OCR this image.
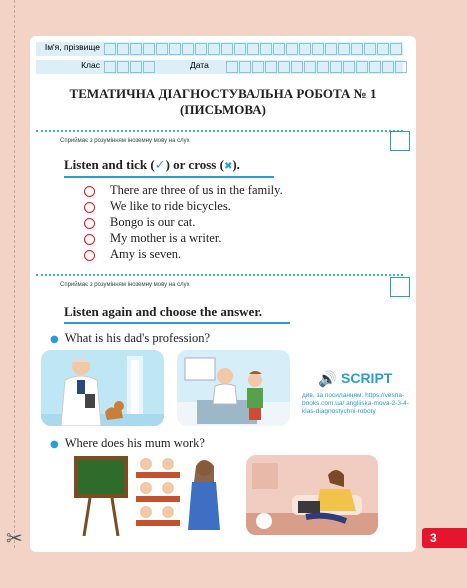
✂
Ім'я, прізвище
Клас	Дата
ТЕМАТИЧНА ДІАГНОСТУВАЛЬНА РОБОТА № 1
(ПИСЬМОВА)
Сприймає з розумінням іноземну мову на слух
Listen and tick (✓) or cross (✖).
There are three of us in the family.
We like to ride bicycles.
Bongo is our cat.
My mother is a writer.
Amy is seven.
Сприймає з розумінням іноземну мову на слух
Listen again and choose the answer.
● What is his dad's profession?
🔊 SCRIPT
див. за посиланням: https://vesna-books.com.ua/ angliiska-mova-2-3-4-klas-diagnostychni-roboty
● Where does his mum work?
3
